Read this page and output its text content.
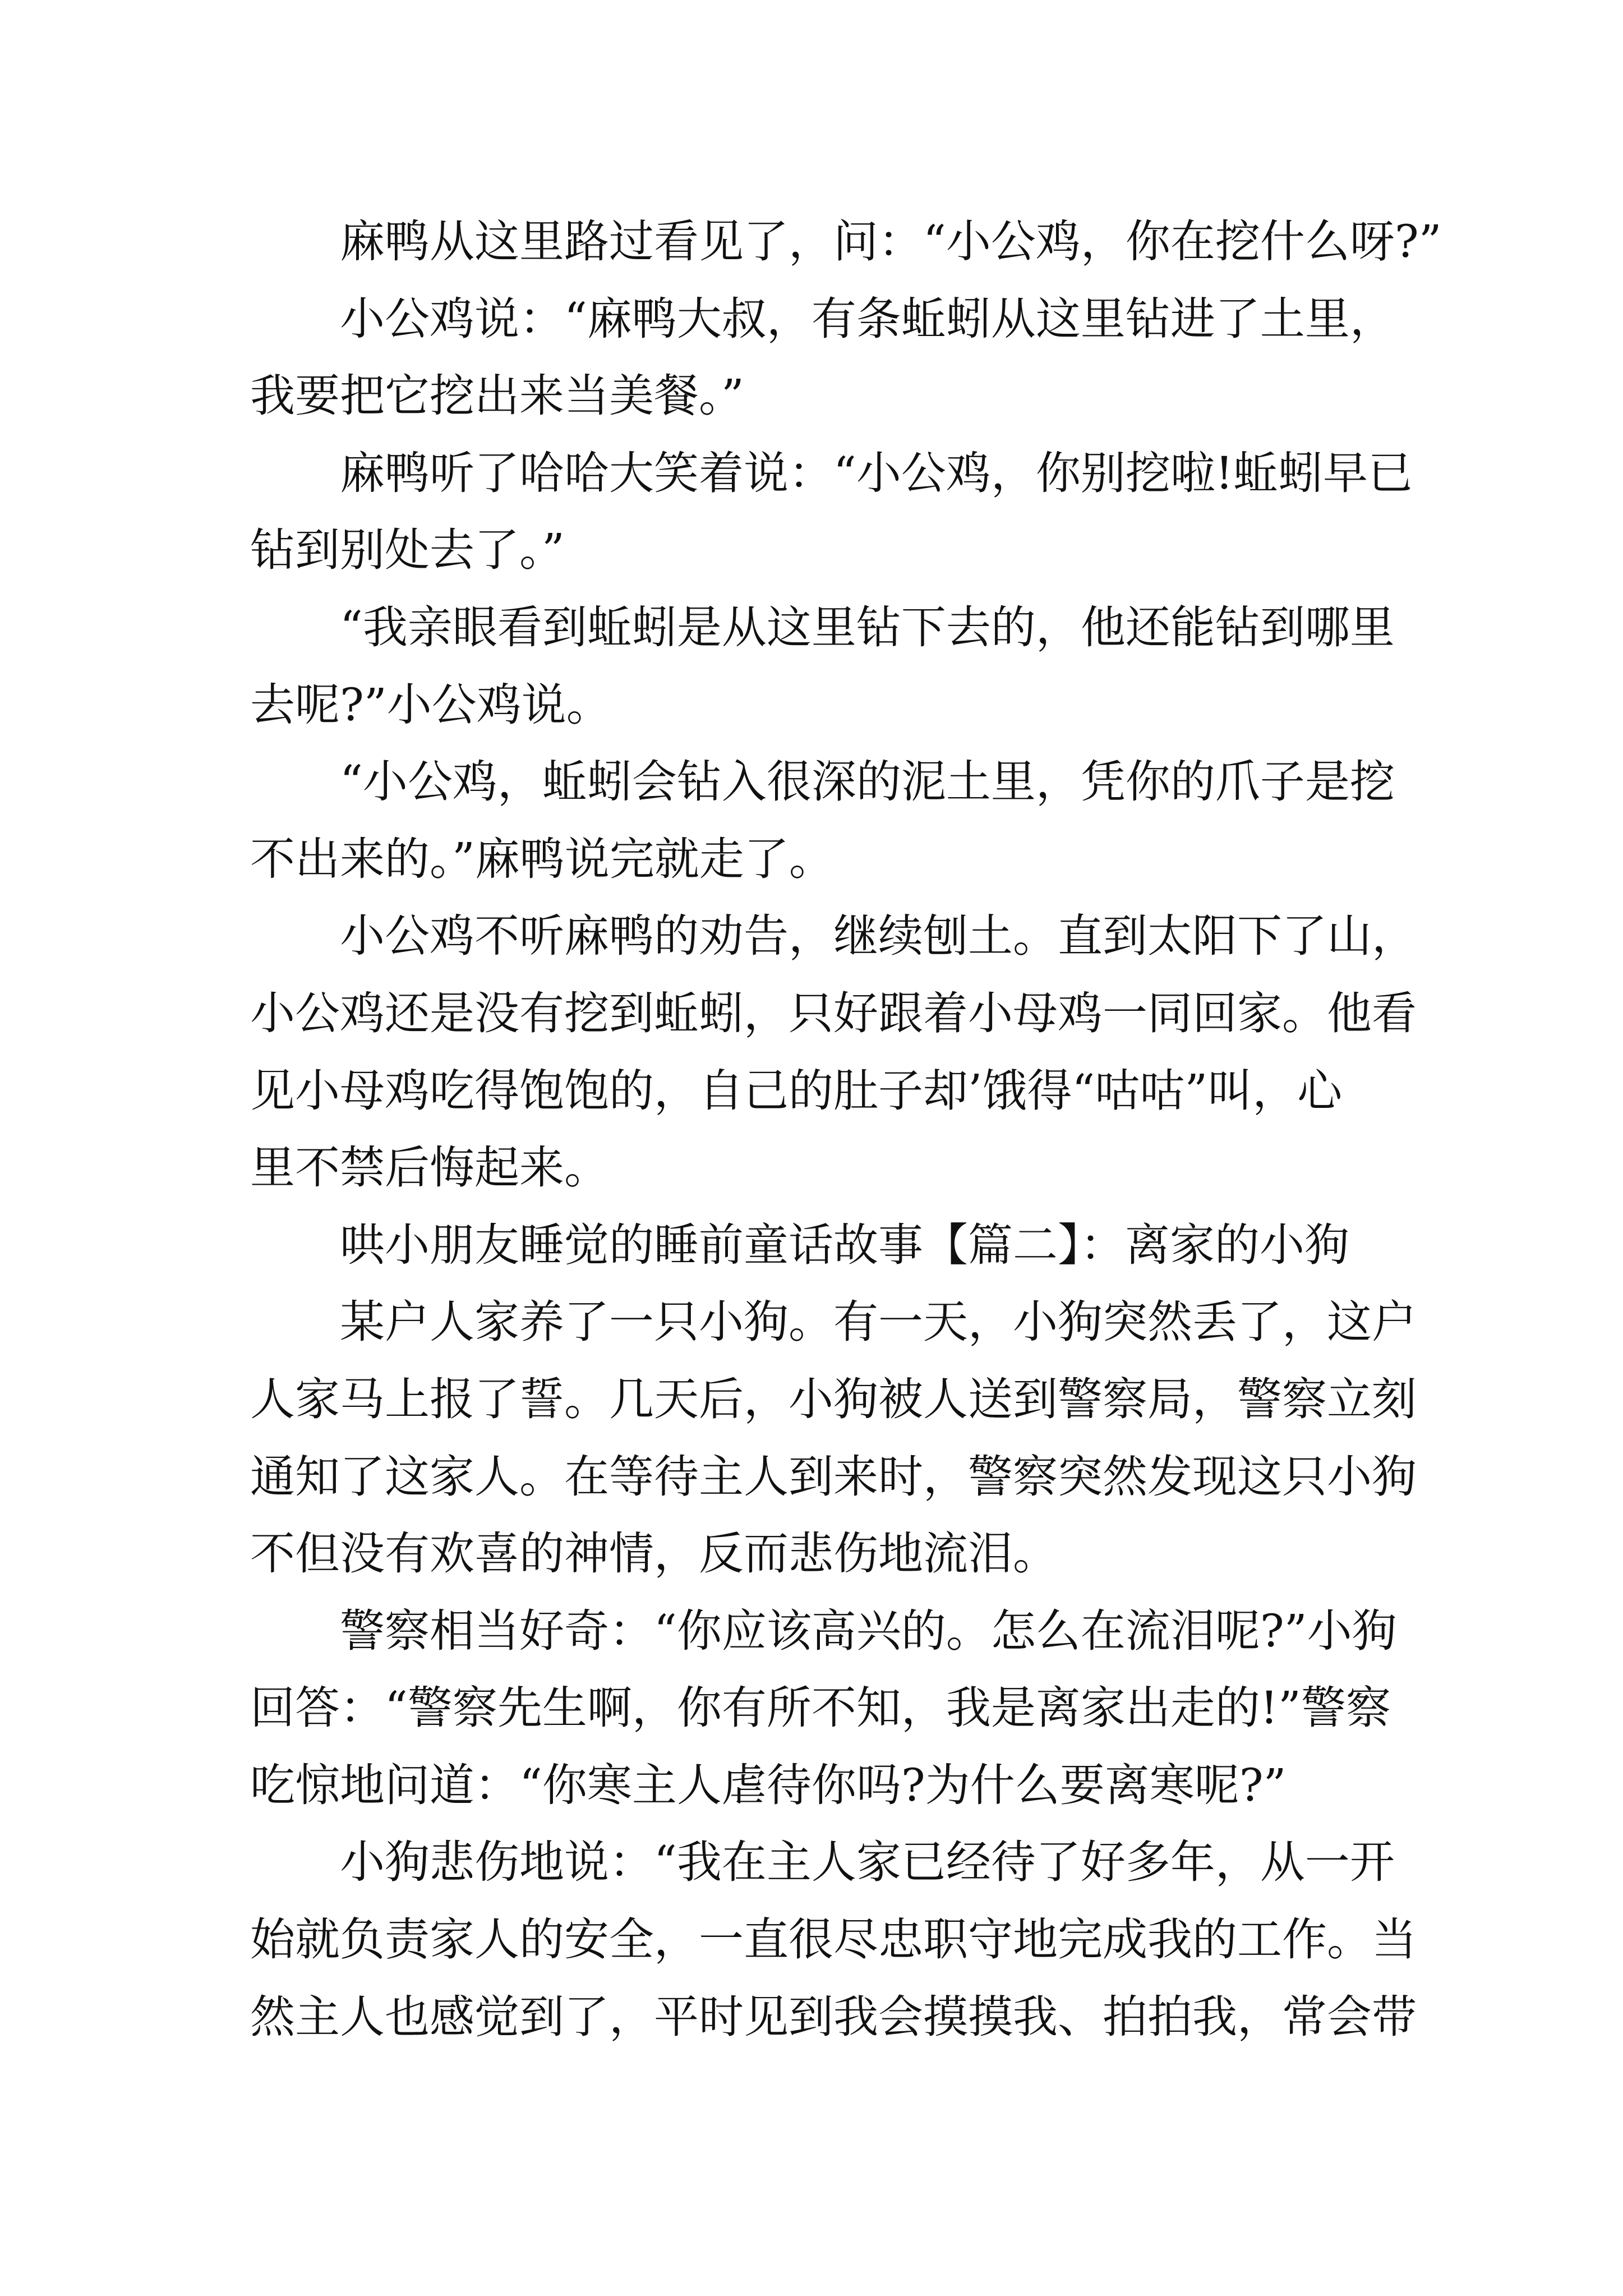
麻鸭从这里路过看见了，问：“小公鸡，你在挖什么呀?”
小公鸡说：“麻鸭大叔，有条蚯蚓从这里钻进了土里，
我要把它挖出来当美餐。”
麻鸭听了哈哈大笑着说：“小公鸡，你别挖啦!蚯蚓早已
钻到别处去了。”
“我亲眼看到蚯蚓是从这里钻下去的，他还能钻到哪里
去呢?”小公鸡说。
“小公鸡，蚯蚓会钻入很深的泥土里，凭你的爪子是挖
不出来的。”麻鸭说完就走了。
小公鸡不听麻鸭的劝告，继续刨土。直到太阳下了山，
小公鸡还是没有挖到蚯蚓，只好跟着小母鸡一同回家。他看
见小母鸡吃得饱饱的，自己的肚子却’饿得“咕咕”叫，心
里不禁后悔起来。
哄小朋友睡觉的睡前童话故事【篇二】：离家的小狗
某户人家养了一只小狗。有一天，小狗突然丢了，这户
人家马上报了誓。几天后，小狗被人送到警察局，警察立刻
通知了这家人。在等待主人到来时，警察突然发现这只小狗
不但没有欢喜的神情，反而悲伤地流泪。
警察相当好奇：“你应该高兴的。怎么在流泪呢?”小狗
回答：“警察先生啊，你有所不知，我是离家出走的!”警察
吃惊地问道：“你寒主人虐待你吗?为什么要离寒呢?”
小狗悲伤地说：“我在主人家已经待了好多年，从一开
始就负责家人的安全，一直很尽忠职守地完成我的工作。当
然主人也感觉到了，平时见到我会摸摸我、拍拍我，常会带
